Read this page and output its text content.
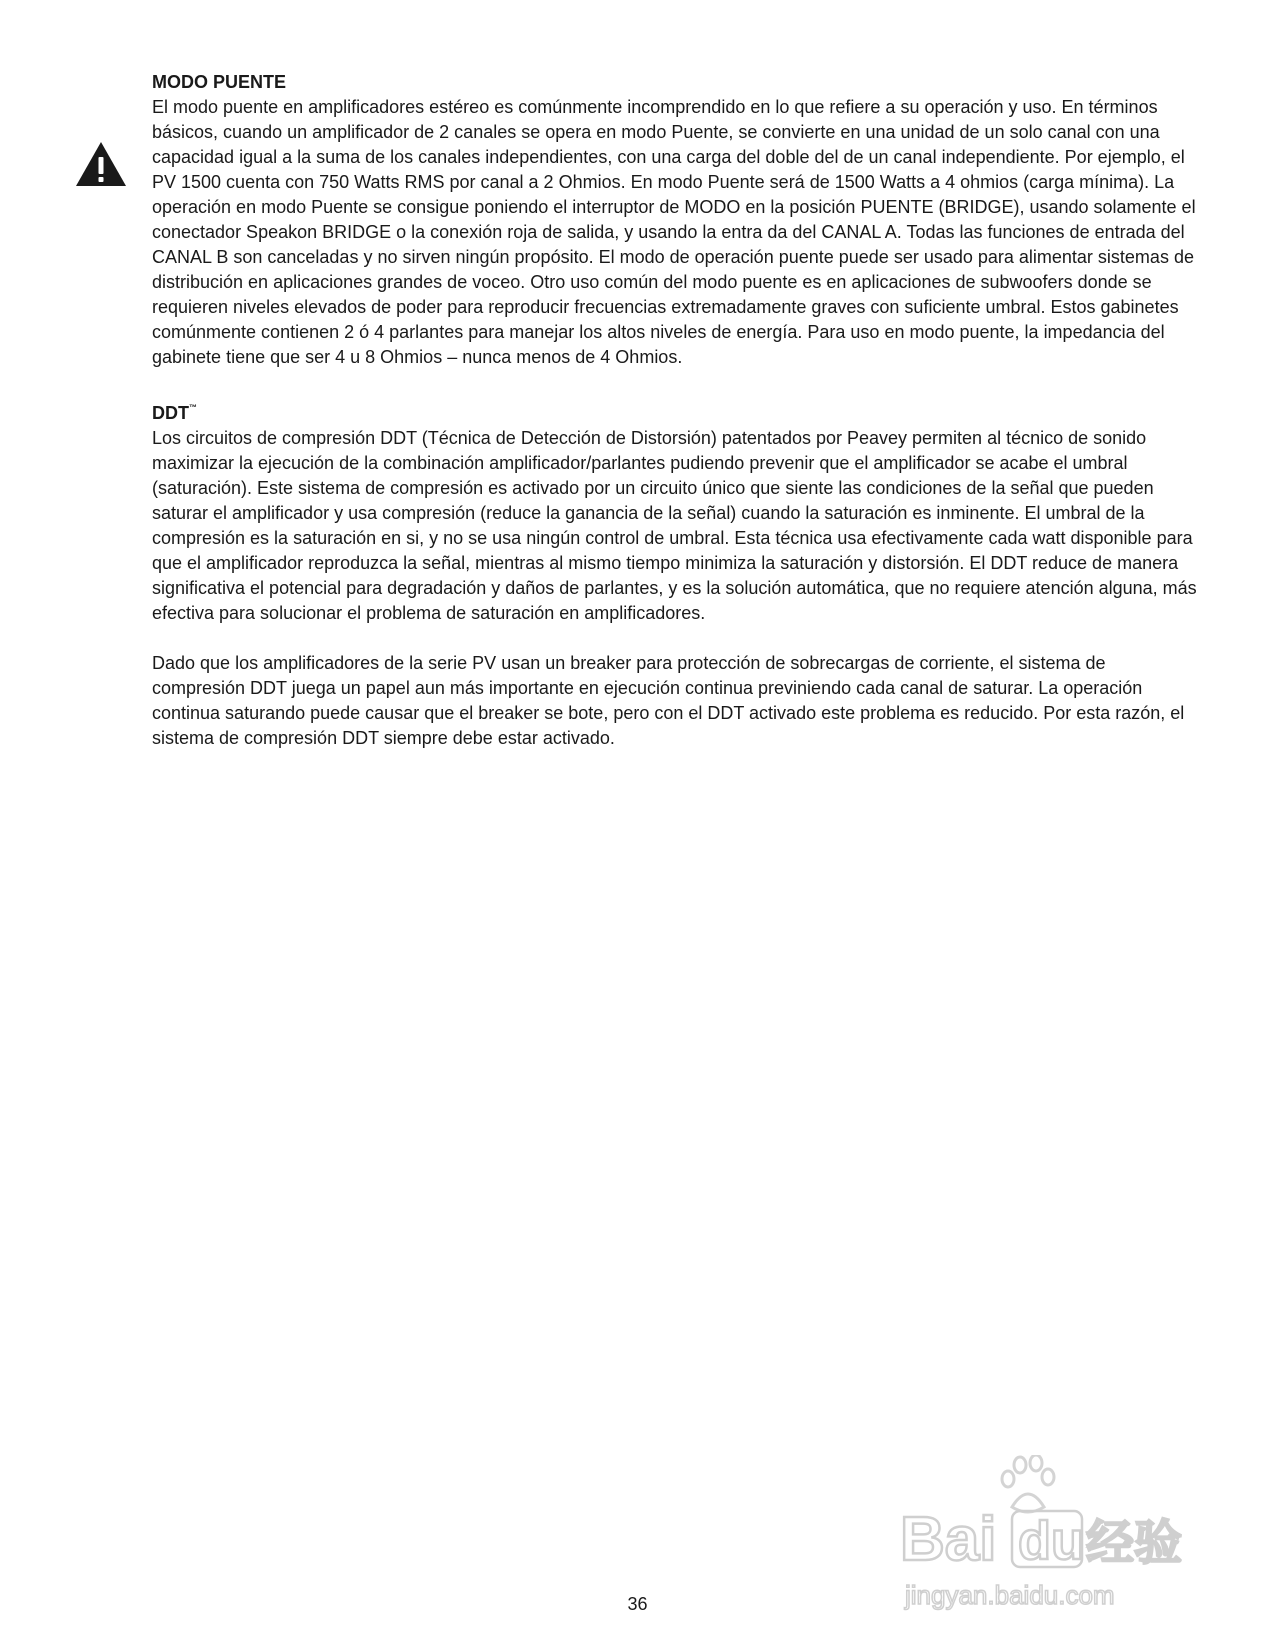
MODO PUENTE

El modo puente en amplificadores estéreo es comúnmente incomprendido en lo que refiere a su operación y uso. En términos básicos, cuando un amplificador de 2 canales se opera en modo Puente, se convierte en una unidad de un solo canal con una capacidad igual a la suma de los canales independientes, con una carga del doble del de un canal independiente. Por ejemplo, el PV 1500 cuenta con 750 Watts RMS por canal a 2 Ohmios. En modo Puente será de 1500 Watts a 4 ohmios (carga mínima). La operación en modo Puente se consigue poniendo el interruptor de MODO en la posición PUENTE (BRIDGE), usando solamente el conectador Speakon BRIDGE o la conexión roja de salida, y usando la entra da del CANAL A. Todas las funciones de entrada del CANAL B son canceladas y no sirven ningún propósito. El modo de operación puente puede ser usado para alimentar sistemas de distribución en aplicaciones grandes de voceo. Otro uso común del modo puente es en aplicaciones de subwoofers donde se requieren niveles elevados de poder para reproducir frecuencias extremadamente graves con suficiente umbral. Estos gabinetes comúnmente contienen 2 ó 4 parlantes para manejar los altos niveles de energía. Para uso en modo puente, la impedancia del gabinete tiene que ser 4 u 8 Ohmios – nunca menos de 4 Ohmios.

DDT™

Los circuitos de compresión DDT (Técnica de Detección de Distorsión) patentados por Peavey permiten al técnico de sonido maximizar la ejecución de la combinación amplificador/parlantes pudiendo prevenir que el amplificador se acabe el umbral (saturación). Este sistema de compresión es activado por un circuito único que siente las condiciones de la señal que pueden saturar el amplificador y usa compresión (reduce la ganancia de la señal) cuando la saturación es inminente. El umbral de la compresión es la saturación en si, y no se usa ningún control de umbral. Esta técnica usa efectivamente cada watt disponible para que el amplificador reproduzca la señal, mientras al mismo tiempo minimiza la saturación y distorsión. El DDT reduce de manera significativa el potencial para degradación y daños de parlantes, y es la solución automática, que no requiere atención alguna, más efectiva para solucionar el problema de saturación en amplificadores.

Dado que los amplificadores de la serie PV usan un breaker para protección de sobrecargas de corriente, el sistema de compresión DDT juega un papel aun más importante en ejecución continua previniendo cada canal de saturar. La operación continua saturando puede causar que el breaker se bote, pero con el DDT activado este problema es reducido. Por esta razón, el sistema de compresión DDT siempre debe estar activado.

36
Bai du 经验
jingyan.baidu.com
